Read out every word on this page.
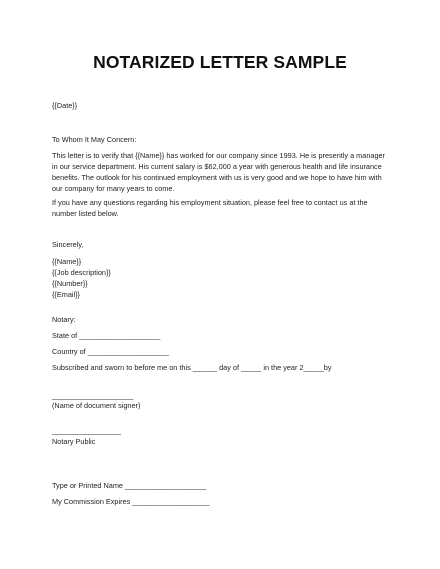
NOTARIZED LETTER SAMPLE
{{Date}}
To Whom It May Concern:
This letter is to verify that {{Name}} has worked for our company since 1993. He is presently a manager
in our service department. His current salary is $62,000 a year with generous health and life insurance
benefits. The outlook for his continued employment with us is very good and we hope to have him with
our company for many years to come.
If you have any questions regarding his employment situation, please feel free to contact us at the
number listed below.
Sincerely,
{{Name}}
{{Job description}}
{{Number}}
{{Email}}
Notary:
State of ____________________
Country of ____________________
Subscribed and sworn to before me on this ______ day of _____ in the year 2_____by
____________________
(Name of document signer)
_________________
Notary Public
Type or Printed Name ____________________
My Commission Expires ___________________
